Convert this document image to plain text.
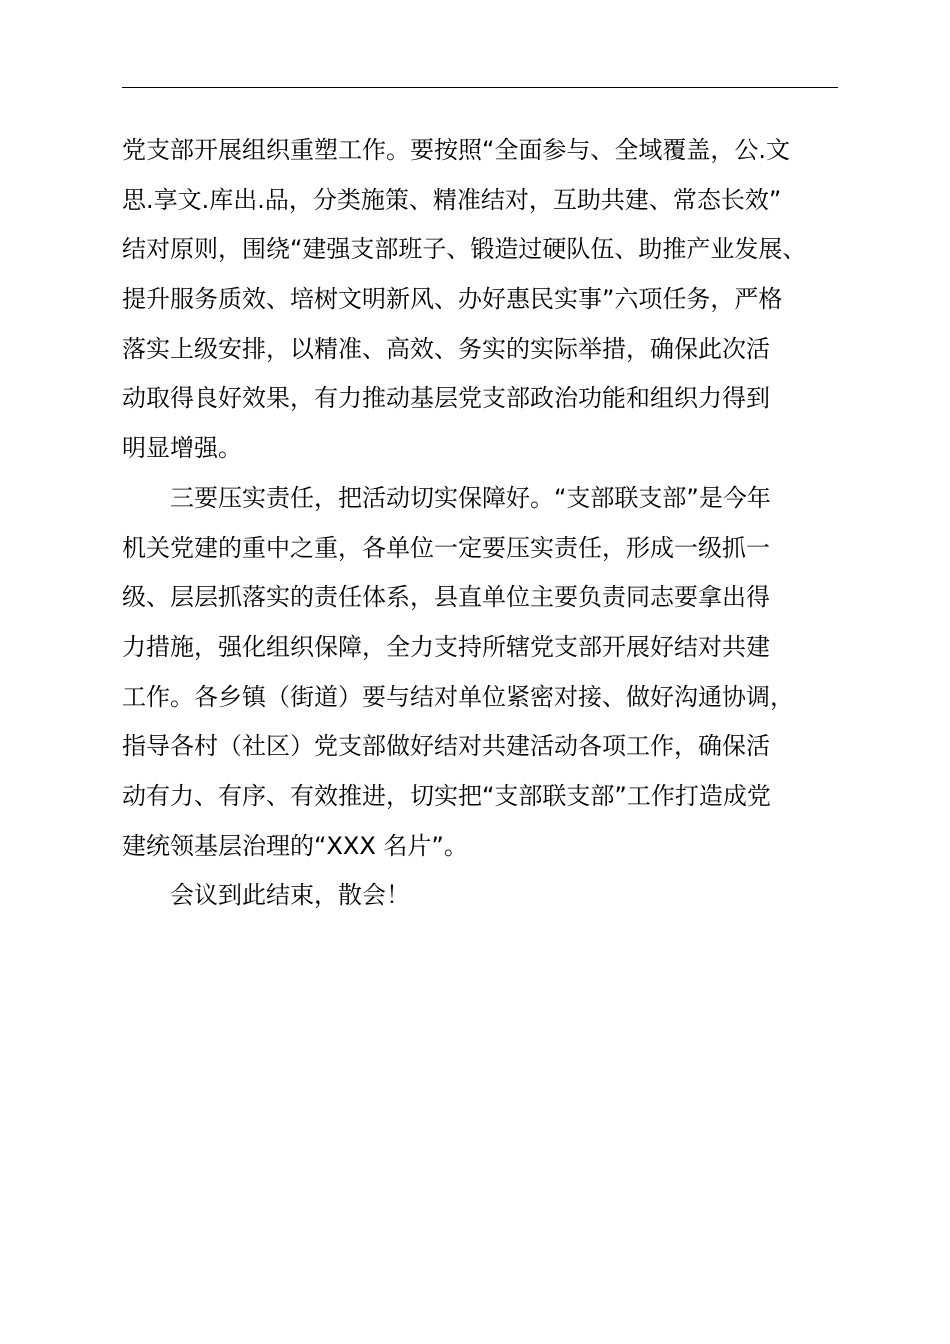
党支部开展组织重塑工作。要按照“全面参与、全域覆盖，公.文
思.享文.库出.品，分类施策、精准结对，互助共建、常态长效”
结对原则，围绕“建强支部班子、锻造过硬队伍、助推产业发展、
提升服务质效、培树文明新风、办好惠民实事”六项任务，严格
落实上级安排，以精准、高效、务实的实际举措，确保此次活
动取得良好效果，有力推动基层党支部政治功能和组织力得到
明显增强。
三要压实责任，把活动切实保障好。“支部联支部”是今年
机关党建的重中之重，各单位一定要压实责任，形成一级抓一
级、层层抓落实的责任体系，县直单位主要负责同志要拿出得
力措施，强化组织保障，全力支持所辖党支部开展好结对共建
工作。各乡镇（街道）要与结对单位紧密对接、做好沟通协调，
指导各村（社区）党支部做好结对共建活动各项工作，确保活
动有力、有序、有效推进，切实把“支部联支部”工作打造成党
建统领基层治理的“XXX 名片”。
会议到此结束，散会！
